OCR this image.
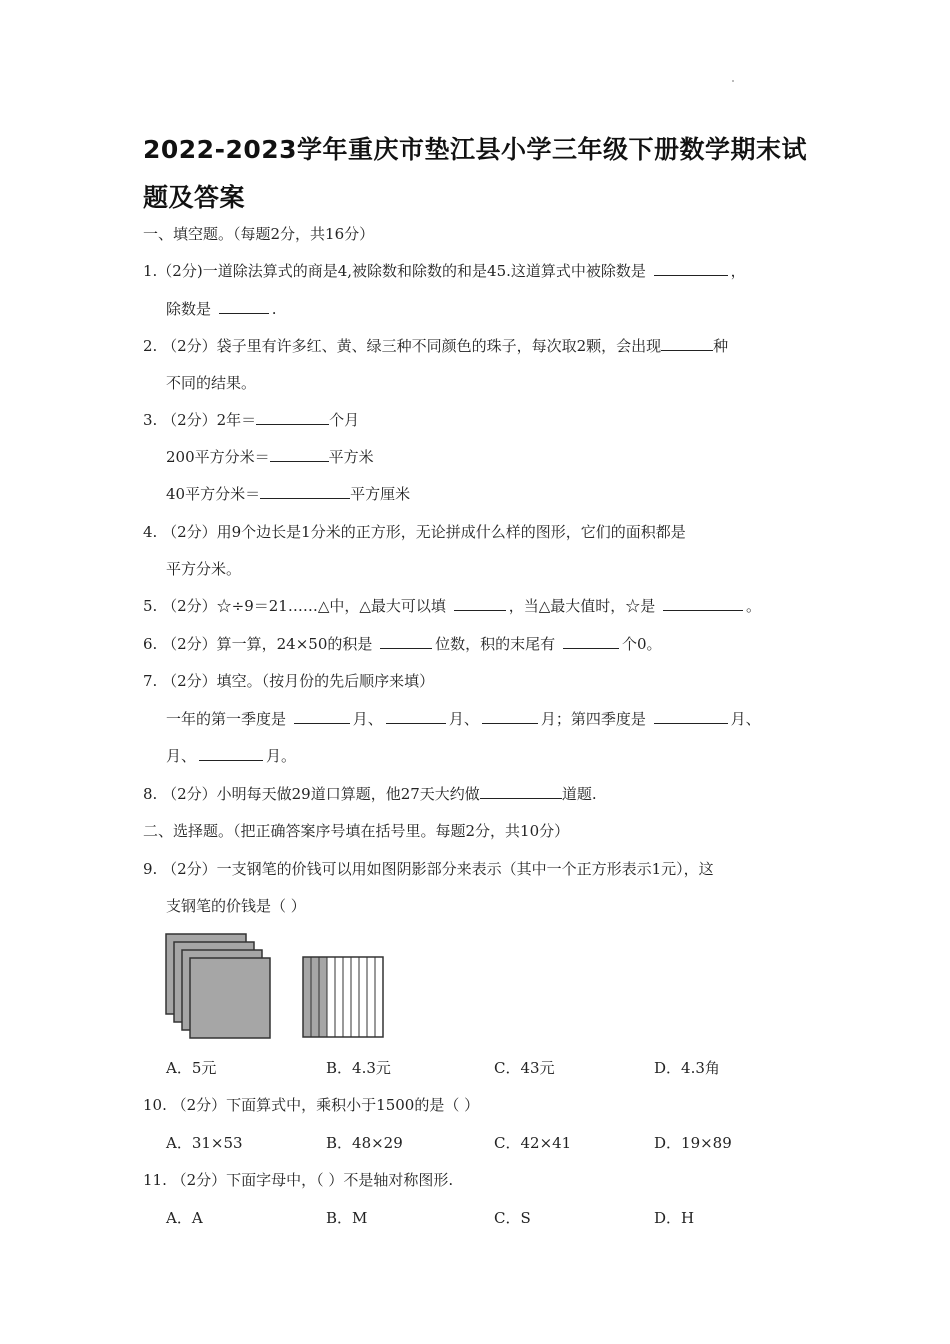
2022-2023学年重庆市垫江县小学三年级下册数学期末试题及答案
一、填空题。（每题2分，共16分）
1.（2分)一道除法算式的商是4,被除数和除数的和是45.这道算式中被除数是	，
除数是	.
2. （2分）袋子里有许多红、黄、绿三种不同颜色的珠子，每次取2颗，会出现	种
不同的结果。
3. （2分）2年＝	个月
200平方分米＝	平方米
40平方分米＝	平方厘米
4. （2分）用9个边长是1分米的正方形，无论拼成什么样的图形，它们的面积都是
平方分米。
5. （2分）☆÷9＝21……△中，△最大可以填	，当△最大值时，☆是	。
6. （2分）算一算，24×50的积是	位数，积的末尾有	个0。
7. （2分）填空。（按月份的先后顺序来填）
一年的第一季度是	月、	月、	月；第四季度是	月、
月、	月。
8. （2分）小明每天做29道口算题，他27天大约做	道题.
二、选择题。（把正确答案序号填在括号里。每题2分，共10分）
9. （2分）一支钢笔的价钱可以用如图阴影部分来表示（其中一个正方形表示1元），这
支钢笔的价钱是（ ）
A．5元	B．4.3元	C．43元	D．4.3角
10. （2分）下面算式中，乘积小于1500的是（ ）
A．31×53	B．48×29	C．42×41	D．19×89
11. （2分）下面字母中，（ ）不是轴对称图形.
A．A	B．M	C．S	D．H
